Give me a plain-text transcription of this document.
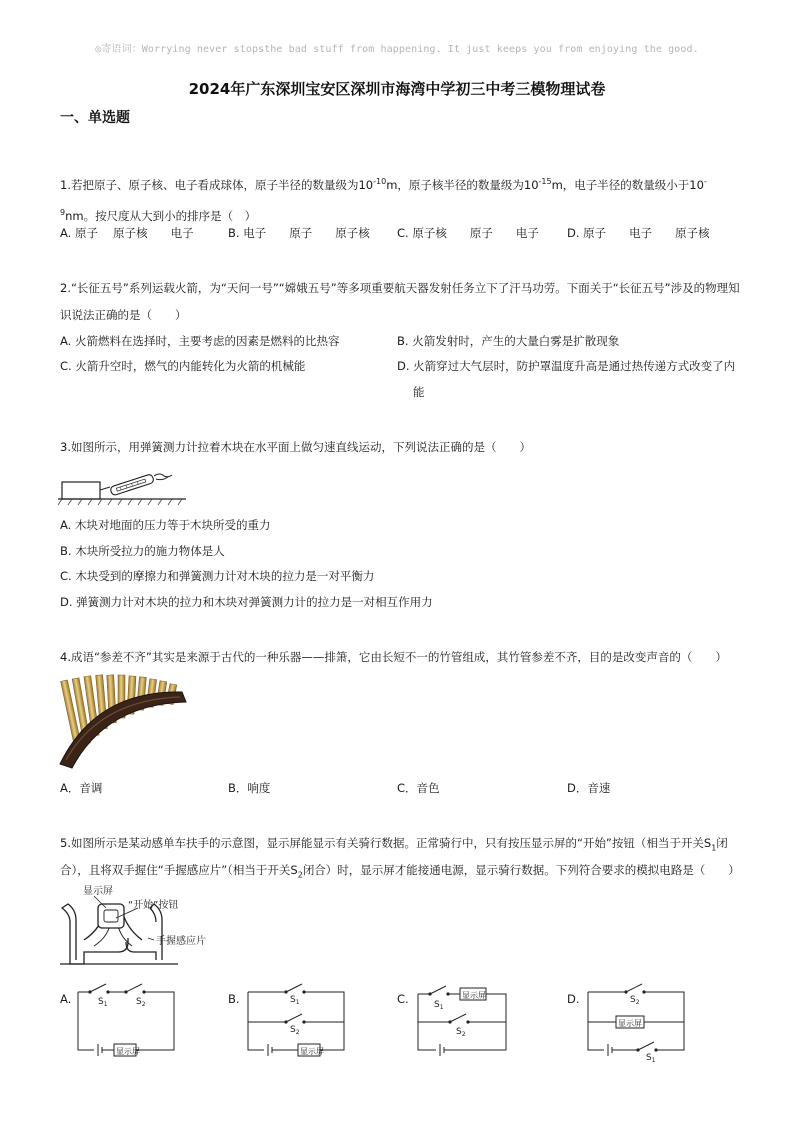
◎寄语词：Worrying never stopsthe bad stuff from happening. It just keeps you from enjoying the good.
2024年广东深圳宝安区深圳市海湾中学初三中考三模物理试卷
一、单选题
1.若把原子、原子核、电子看成球体，原子半径的数量级为$10^{-10}m$，原子核半径的数量级为$10^{-15}m$，电子半径的数量级小于$10^{-9}nm$。按尺度从大到小的排序是（　）
A. 原子　 原子核　　电子	B. 电子　　原子　　原子核 C. 原子核　　原子　　电子 D. 原子　　电子　　原子核
2.“长征五号”系列运载火箭，为“天问一号”“嫦娥五号”等多项重要航天器发射任务立下了汗马功劳。下面关于“长征五号”涉及的物理知识说法正确的是（　　）
A. 火箭燃料在选择时，主要考虑的因素是燃料的比热容	B. 火箭发射时，产生的大量白雾是扩散现象
C. 火箭升空时，燃气的内能转化为火箭的机械能	D. 火箭穿过大气层时，防护罩温度升高是通过热传递方式改变了内
能
3.如图所示，用弹簧测力计拉着木块在水平面上做匀速直线运动，下列说法正确的是（　　）
A. 木块对地面的压力等于木块所受的重力
B. 木块所受拉力的施力物体是人
C. 木块受到的摩擦力和弹簧测力计对木块的拉力是一对平衡力
D. 弹簧测力计对木块的拉力和木块对弹簧测力计的拉力是一对相互作用力
4.成语“参差不齐”其实是来源于古代的一种乐器——排箫，它由长短不一的竹管组成，其竹管参差不齐，目的是改变声音的（　　）
A．音调	B．响度	C．音色	D．音速
5.如图所示是某动感单车扶手的示意图，显示屏能显示有关骑行数据。正常骑行中，只有按压显示屏的“开始”按钮（相当于开关$S_1$闭
合），且将双手握住“手握感应片”（相当于开关$S_2$闭合）时，显示屏才能接通电源，显示骑行数据。下列符合要求的模拟电路是（　　）
显示屏
“开始”按钮
手握感应片
A.	$S_1$	$S_2$
显示屏
B.	$S_1$
$S_2$
显示屏
C.	$S_1$
$S_2$
显示屏	D.	$S_2$
$S_1$
显示屏
